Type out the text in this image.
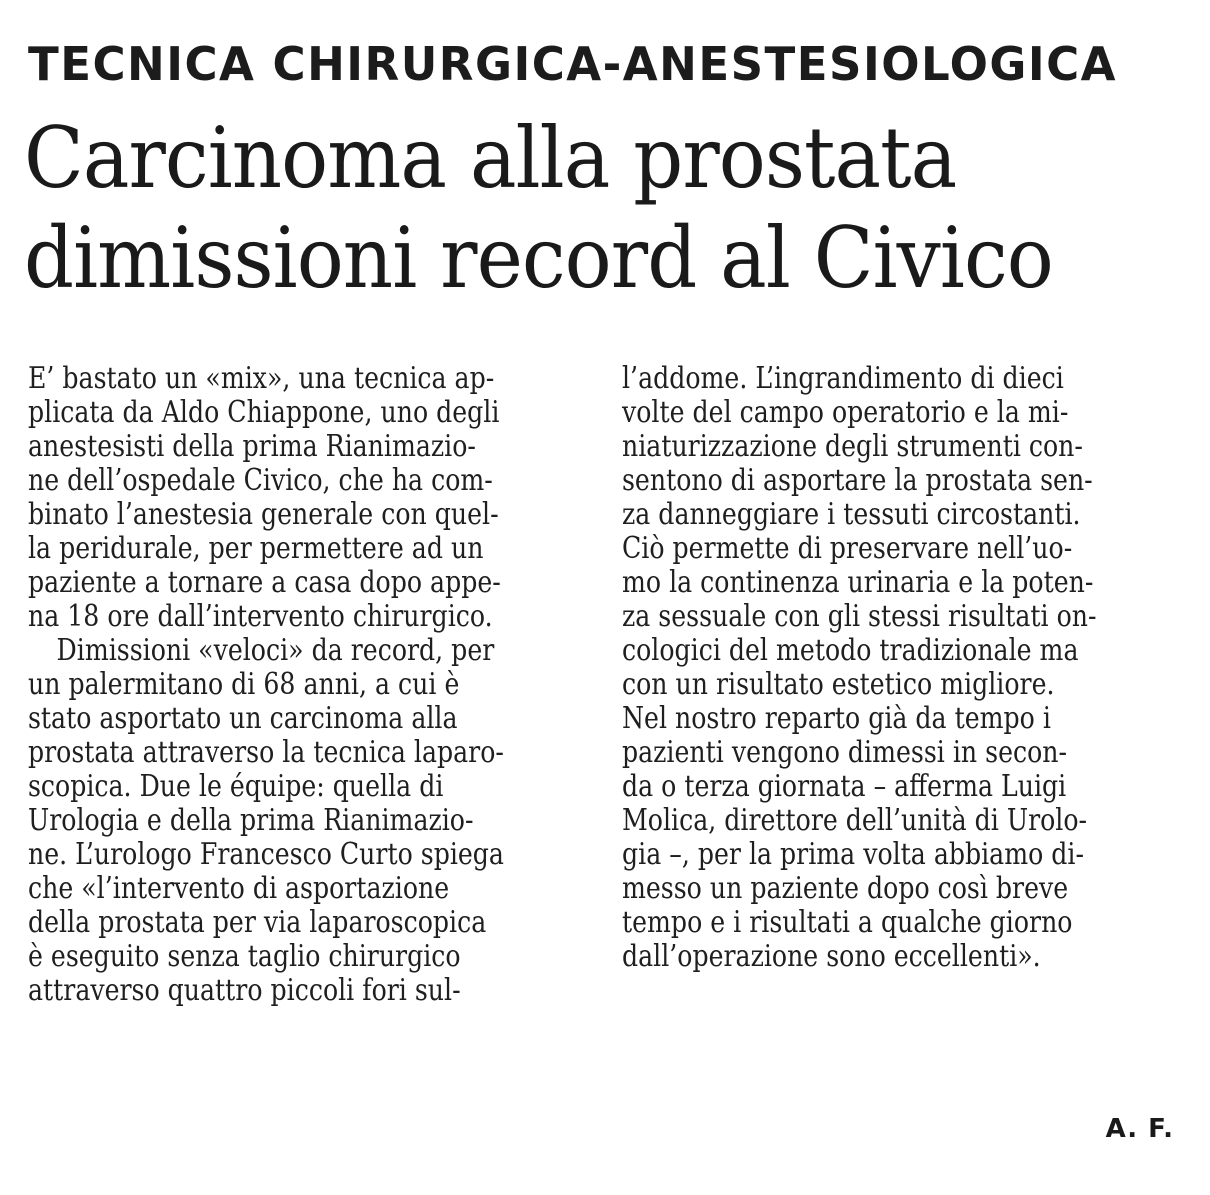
TECNICA CHIRURGICA-ANESTESIOLOGICA
Carcinoma alla prostata
dimissioni record al Civico
E’ bastato un «mix», una tecnica ap-
plicata da Aldo Chiappone, uno degli
anestesisti della prima Rianimazio-
ne dell’ospedale Civico, che ha com-
binato l’anestesia generale con quel-
la peridurale, per permettere ad un
paziente a tornare a casa dopo appe-
na 18 ore dall’intervento chirurgico.
Dimissioni «veloci» da record, per
un palermitano di 68 anni, a cui è
stato asportato un carcinoma alla
prostata attraverso la tecnica laparo-
scopica. Due le équipe: quella di
Urologia e della prima Rianimazio-
ne. L’urologo Francesco Curto spiega
che «l’intervento di asportazione
della prostata per via laparoscopica
è eseguito senza taglio chirurgico
attraverso quattro piccoli fori sul-
l’addome. L’ingrandimento di dieci
volte del campo operatorio e la mi-
niaturizzazione degli strumenti con-
sentono di asportare la prostata sen-
za danneggiare i tessuti circostanti.
Ciò permette di preservare nell’uo-
mo la continenza urinaria e la poten-
za sessuale con gli stessi risultati on-
cologici del metodo tradizionale ma
con un risultato estetico migliore.
Nel nostro reparto già da tempo i
pazienti vengono dimessi in secon-
da o terza giornata – afferma Luigi
Molica, direttore dell’unità di Urolo-
gia –, per la prima volta abbiamo di-
messo un paziente dopo così breve
tempo e i risultati a qualche giorno
dall’operazione sono eccellenti».
A. F.
